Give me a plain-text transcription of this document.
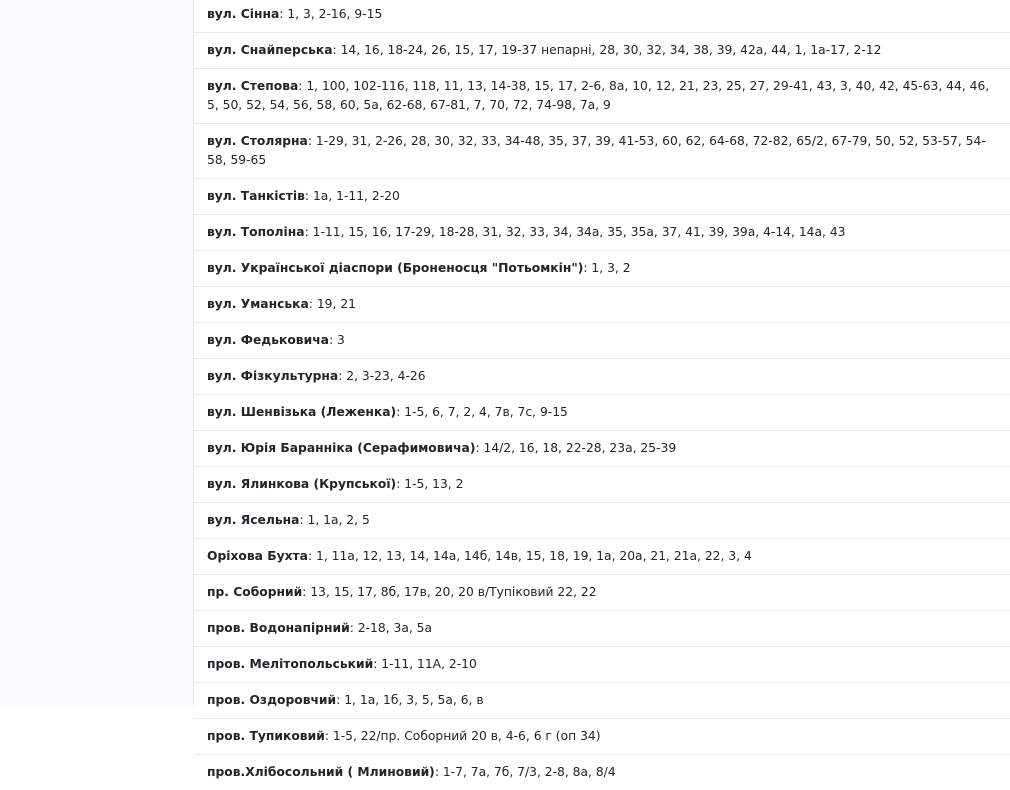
вул. Сінна: 1, 3, 2-16, 9-15
вул. Снайперська: 14, 16, 18-24, 26, 15, 17, 19-37 непарні, 28, 30, 32, 34, 38, 39, 42а, 44, 1, 1а-17, 2-12
вул. Степова: 1, 100, 102-116, 118, 11, 13, 14-38, 15, 17, 2-6, 8а, 10, 12, 21, 23, 25, 27, 29-41, 43, 3, 40, 42, 45-63, 44, 46, 5, 50, 52, 54, 56, 58, 60, 5а, 62-68, 67-81, 7, 70, 72, 74-98, 7а, 9
вул. Столярна: 1-29, 31, 2-26, 28, 30, 32, 33, 34-48, 35, 37, 39, 41-53, 60, 62, 64-68, 72-82, 65/2, 67-79, 50, 52, 53-57, 54-58, 59-65
вул. Танкістів: 1а, 1-11, 2-20
вул. Тополіна: 1-11, 15, 16, 17-29, 18-28, 31, 32, 33, 34, 34а, 35, 35а, 37, 41, 39, 39а, 4-14, 14а, 43
вул. Української діаспори (Броненосця "Потьомкін"): 1, 3, 2
вул. Уманська: 19, 21
вул. Федьковича: 3
вул. Фізкультурна: 2, 3-23, 4-26
вул. Шенвізька (Леженка): 1-5, 6, 7, 2, 4, 7в, 7с, 9-15
вул. Юрія Баранніка (Серафимовича): 14/2, 16, 18, 22-28, 23а, 25-39
вул. Ялинкова (Крупської): 1-5, 13, 2
вул. Ясельна: 1, 1а, 2, 5
Оріхова Бухта: 1, 11а, 12, 13, 14, 14а, 14б, 14в, 15, 18, 19, 1а, 20а, 21, 21а, 22, 3, 4
пр. Соборний: 13, 15, 17, 8б, 17в, 20, 20 в/Тупіковий 22, 22
пров. Водонапірний: 2-18, 3а, 5а
пров. Мелітопольський: 1-11, 11А, 2-10
пров. Оздоровчий: 1, 1а, 1б, 3, 5, 5а, 6, в
пров. Тупиковий: 1-5, 22/пр. Соборний 20 в, 4-6, 6 г (оп 34)
пров.Хлібосольний ( Млиновий): 1-7, 7а, 7б, 7/3, 2-8, 8а, 8/4
